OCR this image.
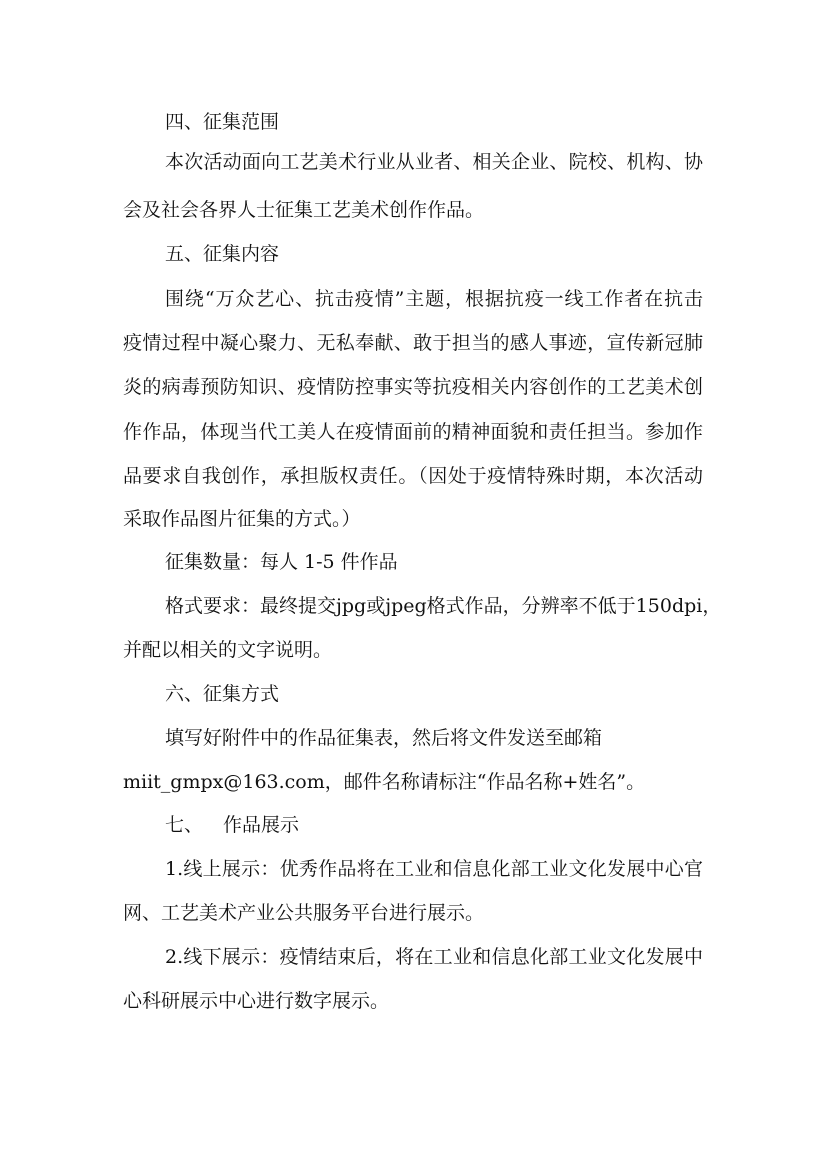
四、征集范围
本次活动面向工艺美术行业从业者、相关企业、院校、机构、协
会及社会各界人士征集工艺美术创作作品。
五、征集内容
围绕“万众艺心、抗击疫情”主题，根据抗疫一线工作者在抗击
疫情过程中凝心聚力、无私奉献、敢于担当的感人事迹，宣传新冠肺
炎的病毒预防知识、疫情防控事实等抗疫相关内容创作的工艺美术创
作作品，体现当代工美人在疫情面前的精神面貌和责任担当。参加作
品要求自我创作，承担版权责任。（因处于疫情特殊时期，本次活动
采取作品图片征集的方式。）
征集数量：每人 1-5 件作品
格式要求：最终提交jpg或jpeg格式作品，分辨率不低于150dpi，
并配以相关的文字说明。
六、征集方式
填写好附件中的作品征集表，然后将文件发送至邮箱
miit_gmpx@163.com，邮件名称请标注“作品名称+姓名”。
七、 作品展示
1.线上展示：优秀作品将在工业和信息化部工业文化发展中心官
网、工艺美术产业公共服务平台进行展示。
2.线下展示：疫情结束后，将在工业和信息化部工业文化发展中
心科研展示中心进行数字展示。
